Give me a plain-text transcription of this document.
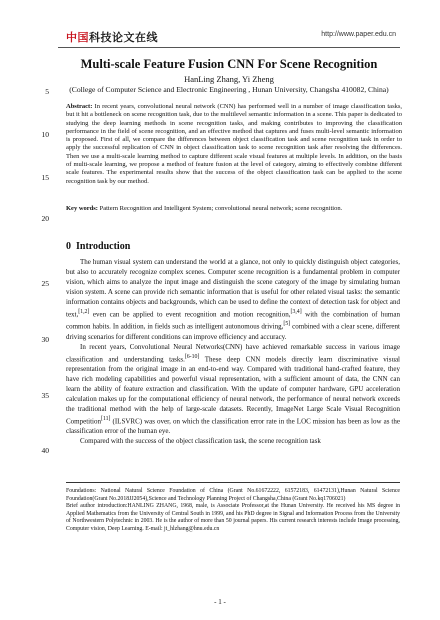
中国科技论文在线	http://www.paper.edu.cn
Multi-scale Feature Fusion CNN For Scene Recognition
HanLing Zhang, Yi Zheng
(College of Computer Science and Electronic Engineering , Hunan University, Changsha 410082, China)
5
10
15
20
25
30
35
40
Abstract: In recent years, convolutional neural network (CNN) has performed well in a number of image classification tasks, but it hit a bottleneck on scene recognition task, due to the multilevel semantic information in a scene. This paper is dedicated to studying the deep learning methods in scene recognition tasks, and making contributes to improving the classification performance in the field of scene recognition, and an effective method that captures and fuses multi-level semantic information is proposed. First of all, we compare the differences between object classification task and scene recognition task in order to apply the successful replication of CNN in object classification task to scene recognition task after resolving the differences. Then we use a multi-scale learning method to capture different scale visual features at multiple levels. In addition, on the basis of multi-scale learning, we propose a method of feature fusion at the level of category, aiming to effectively combine different scale features. The experimental results show that the success of the object classification task can be applied to the scene recognition task by our method.
Key words: Pattern Recognition and Intelligent System; convolutional neural network; scene recognition.
0 Introduction

The human visual system can understand the world at a glance, not only to quickly distinguish object categories, but also to accurately recognize complex scenes. Computer scene recognition is a fundamental problem in computer vision, which aims to analyze the input image and distinguish the scene category of the image by simulating human vision system. A scene can provide rich semantic information that is useful for other related visual tasks: the semantic information contains objects and backgrounds, which can be used to define the context of detection task for object and text,[1,2] even can be applied to event recognition and motion recognition,[3,4] with the combination of human common habits. In addition, in fields such as intelligent autonomous driving,[5] combined with a clear scene, different driving scenarios for different conditions can improve efficiency and accuracy.

In recent years, Convolutional Neural Networks(CNN) have achieved remarkable success in various image classification and understanding tasks.[6-10] These deep CNN models directly learn discriminative visual representation from the original image in an end-to-end way. Compared with traditional hand-crafted feature, they have rich modeling capabilities and powerful visual representation, with a sufficient amount of data, the CNN can learn the ability of feature extraction and classification. With the update of computer hardware, GPU acceleration calculation makes up for the computational efficiency of neural network, the performance of neural network exceeds the traditional method with the help of large-scale datasets. Recently, ImageNet Large Scale Visual Recognition Competition[11] (ILSVRC) was over, on which the classification error rate in the LOC mission has been as low as the classification error of the human eye.

Compared with the success of the object classification task, the scene recognition task

Foundations: National Natural Science Foundation of China (Grant No.61672222, 61572183, 61472131),Hunan Natural Science Foundation(Grant No.2018JJ2054),Science and Technology Planning Project of Changsha,China (Grant No.kq1706021)
Brief author introduction:HANLING ZHANG, 1968, male, is Associate Professor,at the Hunan University. He received his MS degree in Applied Mathematics from the University of Central South in 1999, and his PhD degree in Signal and Information Process from the University of Northwestern Polytechnic in 2003. He is the author of more than 50 journal papers. His current research interests include Image processing, Computer vision, Deep Learning. E-mail: jt_hlzhang@hnu.edu.cn
- 1 -
